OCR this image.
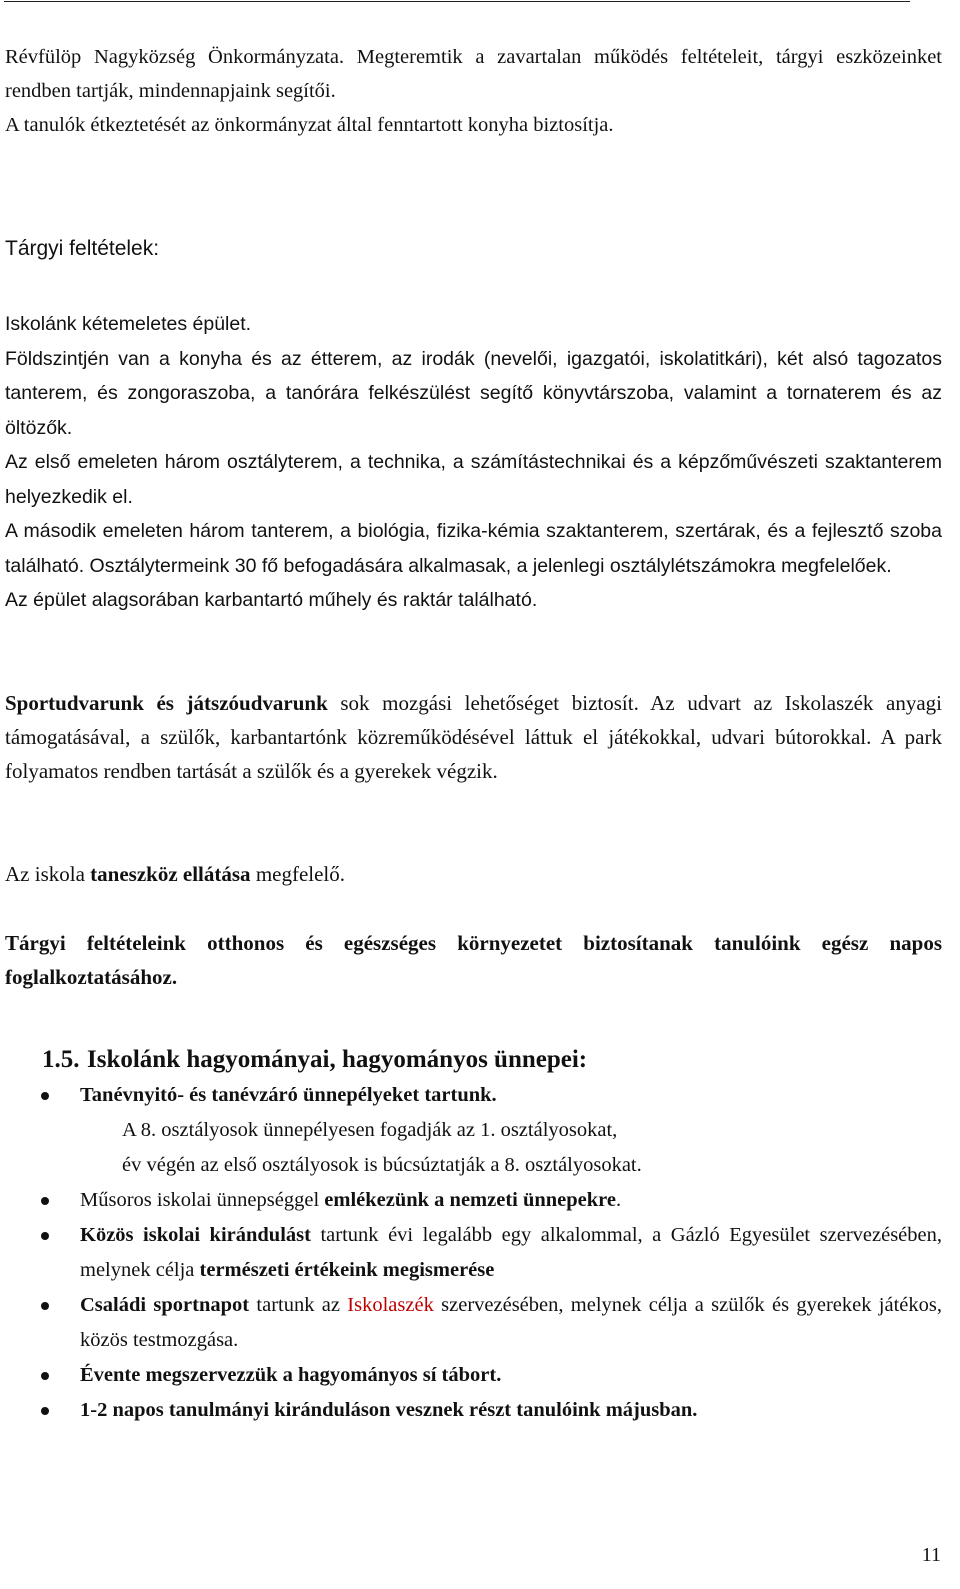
Révfülöp Nagyközség Önkormányzata. Megteremtik a zavartalan működés feltételeit, tárgyi eszközeinket rendben tartják, mindennapjaink segítői.
A tanulók étkeztetését az önkormányzat által fenntartott konyha biztosítja.

Tárgyi feltételek:

Iskolánk kétemeletes épület.
Földszintjén van a konyha és az étterem, az irodák (nevelői, igazgatói, iskolatitkári), két alsó tagozatos tanterem, és zongoraszoba, a tanórára felkészülést segítő könyvtárszoba, valamint a tornaterem és az öltözők.
Az első emeleten három osztályterem, a technika, a számítástechnikai és a képzőművészeti szaktanterem helyezkedik el.
A második emeleten három tanterem, a biológia, fizika-kémia szaktanterem, szertárak, és a fejlesztő szoba található. Osztálytermeink 30 fő befogadására alkalmasak, a jelenlegi osztálylétszámokra megfelelőek.
Az épület alagsorában karbantartó műhely és raktár található.

Sportudvarunk és játszóudvarunk sok mozgási lehetőséget biztosít. Az udvart az Iskolaszék anyagi támogatásával, a szülők, karbantartónk közreműködésével láttuk el játékokkal, udvari bútorokkal. A park folyamatos rendben tartását a szülők és a gyerekek végzik.

Az iskola taneszköz ellátása megfelelő.

Tárgyi feltételeink otthonos és egészséges környezetet biztosítanak tanulóink egész napos foglalkoztatásához.

1.5. Iskolánk hagyományai, hagyományos ünnepei:
Tanévnyitó- és tanévzáró ünnepélyeket tartunk.
A 8. osztályosok ünnepélyesen fogadják az 1. osztályosokat,
év végén az első osztályosok is búcsúztatják a 8. osztályosokat.
Műsoros iskolai ünnepséggel emlékezünk a nemzeti ünnepekre.
Közös iskolai kirándulást tartunk évi legalább egy alkalommal, a Gázló Egyesület szervezésében, melynek célja természeti értékeink megismerése
Családi sportnapot tartunk az Iskolaszék szervezésében, melynek célja a szülők és gyerekek játékos, közös testmozgása.
Évente megszervezzük a hagyományos sí tábort.
1-2 napos tanulmányi kiránduláson vesznek részt tanulóink májusban.

11
